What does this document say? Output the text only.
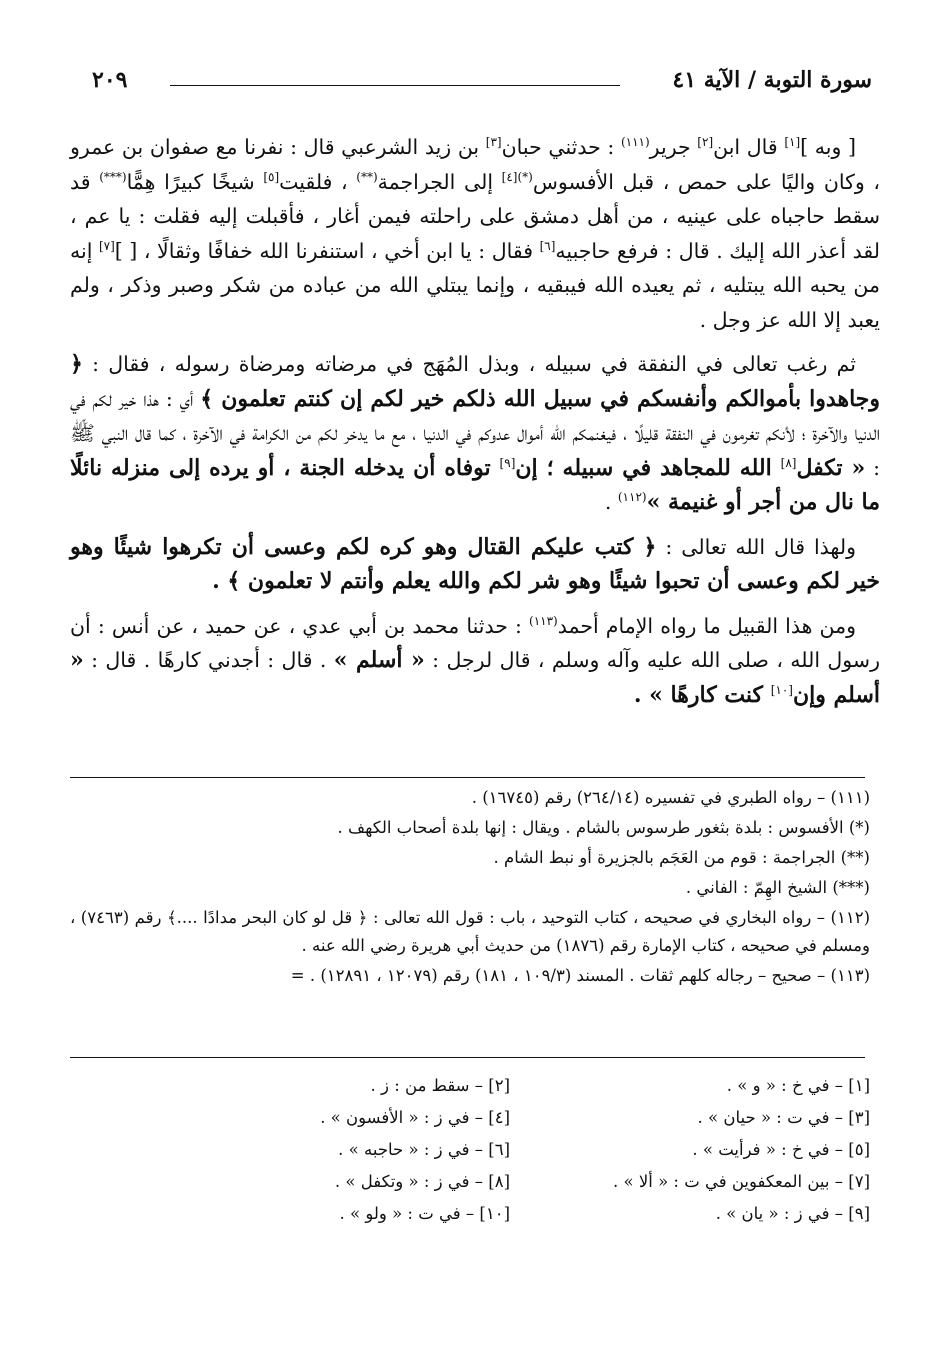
سورة التوبة / الآية ٤١
٢٠٩

[ وبه ][١] قال ابن[٢] جرير$^{(١١١)}$ : حدثني حبان[٣] بن زيد الشرعبي قال : نفرنا مع صفوان بن عمرو ، وكان واليًا على حمص ، قبل الأفسوس$^{(*)[٤]}$ إلى الجراجمة(**) ، فلقيت[٥] شيخًا كبيرًا هِمًّا(***) قد سقط حاجباه على عينيه ، من أهل دمشق على راحلته فيمن أغار ، فأقبلت إليه فقلت : يا عم ، لقد أعذر الله إليك . قال : فرفع حاجبيه[٦] فقال : يا ابن أخي ، استنفرنا الله خفافًا وثقالًا ، [ ][٧] إنه من يحبه الله يبتليه ، ثم يعيده الله فيبقيه ، وإنما يبتلي الله من عباده من شكر وصبر وذكر ، ولم يعبد إلا الله عز وجل .

ثم رغب تعالى في النفقة في سبيله ، وبذل المُهَج في مرضاته ومرضاة رسوله ، فقال : ﴿ وجاهدوا بأموالكم وأنفسكم في سبيل الله ذلكم خير لكم إن كنتم تعلمون ﴾ أي : هذا خير لكم في الدنيا والآخرة ؛ لأنكم تغرمون في النفقة قليلًا ، فيغنمكم الله أموال عدوكم في الدنيا ، مع ما يدخر لكم من الكرامة في الآخرة ، كما قال النبي ﷺ : « تكفل[٨] الله للمجاهد في سبيله ؛ إن[٩] توفاه أن يدخله الجنة ، أو يرده إلى منزله نائلًا ما نال من أجر أو غنيمة »$^{(١١٢)}$ .

ولهذا قال الله تعالى : ﴿ كتب عليكم القتال وهو كره لكم وعسى أن تكرهوا شيئًا وهو خير لكم وعسى أن تحبوا شيئًا وهو شر لكم والله يعلم وأنتم لا تعلمون ﴾ .

ومن هذا القبيل ما رواه الإمام أحمد$^{(١١٣)}$ : حدثنا محمد بن أبي عدي ، عن حميد ، عن أنس : أن رسول الله ، صلى الله عليه وآله وسلم ، قال لرجل : « أسلم » . قال : أجدني كارهًا . قال : « أسلم وإن[١٠] كنت كارهًا » .

(١١١) – رواه الطبري في تفسيره (٢٦٤/١٤) رقم (١٦٧٤٥) .
(*) الأفسوس : بلدة بثغور طرسوس بالشام . ويقال : إنها بلدة أصحاب الكهف .
(**) الجراجمة : قوم من العَجَم بالجزيرة أو نبط الشام .
(***) الشيخ الهِمّ : الفاني .
(١١٢) – رواه البخاري في صحيحه ، كتاب التوحيد ، باب : قول الله تعالى : ﴿ قل لو كان البحر مدادًا ....﴾ رقم (٧٤٦٣) ، ومسلم في صحيحه ، كتاب الإمارة رقم (١٨٧٦) من حديث أبي هريرة رضي الله عنه .
(١١٣) – صحيح – رجاله كلهم ثقات . المسند (١٠٩/٣ ، ١٨١) رقم (١٢٠٧٩ ، ١٢٨٩١) . =
[١] – في خ : « و » .
[٢] – سقط من : ز .
[٣] – في ت : « حيان » .
[٤] – في ز : « الأفسون » .
[٥] – في خ : « فرأيت » .
[٦] – في ز : « حاجبه » .
[٧] – بين المعكفوين في ت : « ألا » .
[٨] – في ز : « وتكفل » .
[٩] – في ز : « يان » .
[١٠] – في ت : « ولو » .
